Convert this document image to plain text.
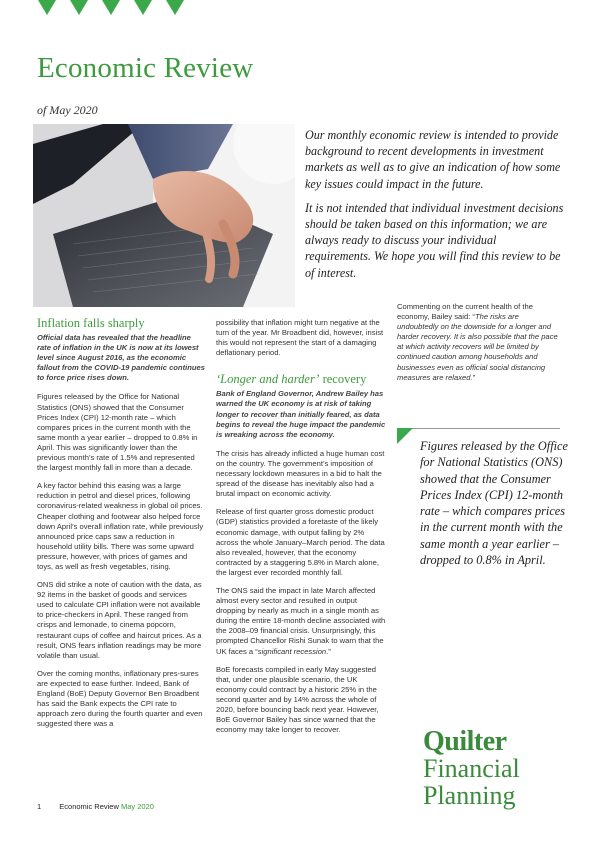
Economic Review
of May 2020

Our monthly economic review is intended to provide background to recent developments in investment markets as well as to give an indication of how some key issues could impact in the future.

It is not intended that individual investment decisions should be taken based on this information; we are always ready to discuss your individual requirements. We hope you will find this review to be of interest.

Inflation falls sharply

Official data has revealed that the headline rate of inflation in the UK is now at its lowest level since August 2016, as the economic fallout from the COVID-19 pandemic continues to force price rises down.

Figures released by the Office for National Statistics (ONS) showed that the Consumer Prices Index (CPI) 12-month rate – which compares prices in the current month with the same month a year earlier – dropped to 0.8% in April. This was significantly lower than the previous month’s rate of 1.5% and represented the largest monthly fall in more than a decade.

A key factor behind this easing was a large reduction in petrol and diesel prices, following coronavirus-related weakness in global oil prices. Cheaper clothing and footwear also helped force down April’s overall inflation rate, while previously announced price caps saw a reduction in household utility bills. There was some upward pressure, however, with prices of games and toys, as well as fresh vegetables, rising.

ONS did strike a note of caution with the data, as 92 items in the basket of goods and services used to calculate CPI inflation were not available to price-checkers in April. These ranged from crisps and lemonade, to cinema popcorn, restaurant cups of coffee and haircut prices. As a result, ONS fears inflation readings may be more volatile than usual.

Over the coming months, inflationary pres-sures are expected to ease further. Indeed, Bank of England (BoE) Deputy Governor Ben Broadbent has said the Bank expects the CPI rate to approach zero during the fourth quarter and even suggested there was a

possibility that inflation might turn negative at the turn of the year. Mr Broadbent did, however, insist this would not represent the start of a damaging deflationary period.

‘Longer and harder’ recovery

Bank of England Governor, Andrew Bailey has warned the UK economy is at risk of taking longer to recover than initially feared, as data begins to reveal the huge impact the pandemic is wreaking across the economy.

The crisis has already inflicted a huge human cost on the country. The government’s imposition of necessary lockdown measures in a bid to halt the spread of the disease has inevitably also had a brutal impact on economic activity.

Release of first quarter gross domestic product (GDP) statistics provided a foretaste of the likely economic damage, with output falling by 2% across the whole January–March period. The data also revealed, however, that the economy contracted by a staggering 5.8% in March alone, the largest ever recorded monthly fall.

The ONS said the impact in late March affected almost every sector and resulted in output dropping by nearly as much in a single month as during the entire 18-month decline associated with the 2008–09 financial crisis. Unsurprisingly, this prompted Chancellor Rishi Sunak to warn that the UK faces a “significant recession.”

BoE forecasts compiled in early May suggested that, under one plausible scenario, the UK economy could contract by a historic 25% in the second quarter and by 14% across the whole of 2020, before bouncing back next year. However, BoE Governor Bailey has since warned that the economy may take longer to recover.

Commenting on the current health of the economy, Bailey said: “The risks are undoubtedly on the downside for a longer and harder recovery. It is also possible that the pace at which activity recovers will be limited by continued caution among households and businesses even as official social distancing measures are relaxed.”

Figures released by the Office for National Statistics (ONS) showed that the Consumer Prices Index (CPI) 12-month rate – which compares prices in the current month with the same month a year earlier – dropped to 0.8% in April.
Quilter
Financial
Planning
1 Economic Review May 2020
